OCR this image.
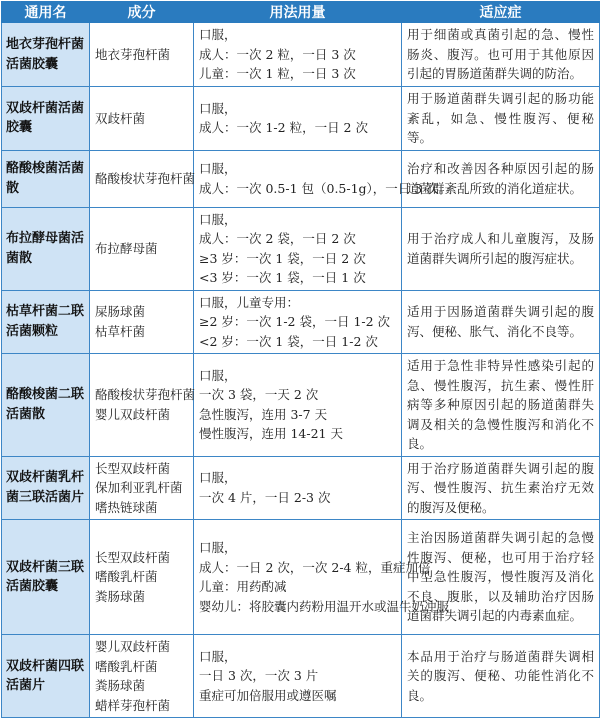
通用名	成分	用法用量	适应症
地衣芽孢杆菌活菌胶囊	地衣芽孢杆菌	口服，
成人：一次 2 粒，一日 3 次
儿童：一次 1 粒，一日 3 次	用于细菌或真菌引起的急、慢性肠炎、腹泻。也可用于其他原因引起的胃肠道菌群失调的防治。
双歧杆菌活菌胶囊	双歧杆菌	口服，
成人：一次 1-2 粒，一日 2 次	用于肠道菌群失调引起的肠功能紊乱，如急、慢性腹泻、便秘等。
酪酸梭菌活菌散	酪酸梭状芽孢杆菌	口服，
成人：一次 0.5-1 包（0.5-1g），一日 3 次。	治疗和改善因各种原因引起的肠道菌群紊乱所致的消化道症状。
布拉酵母菌活菌散	布拉酵母菌	口服，
成人：一次 2 袋，一日 2 次
≥3 岁：一次 1 袋，一日 2 次
<3 岁：一次 1 袋，一日 1 次	用于治疗成人和儿童腹泻，及肠道菌群失调所引起的腹泻症状。
枯草杆菌二联活菌颗粒	屎肠球菌
枯草杆菌	口服，儿童专用：
≥2 岁：一次 1-2 袋，一日 1-2 次
<2 岁：一次 1 袋，一日 1-2 次	适用于因肠道菌群失调引起的腹泻、便秘、胀气、消化不良等。
酪酸梭菌二联活菌散	酪酸梭状芽孢杆菌
婴儿双歧杆菌	口服，
一次 3 袋，一天 2 次
急性腹泻，连用 3-7 天
慢性腹泻，连用 14-21 天	适用于急性非特异性感染引起的急、慢性腹泻，抗生素、慢性肝病等多种原因引起的肠道菌群失调及相关的急慢性腹泻和消化不良。
双歧杆菌乳杆菌三联活菌片	长型双歧杆菌
保加利亚乳杆菌
嗜热链球菌	口服，
一次 4 片，一日 2-3 次	用于治疗肠道菌群失调引起的腹泻、慢性腹泻、抗生素治疗无效的腹泻及便秘。
双歧杆菌三联活菌胶囊	长型双歧杆菌
嗜酸乳杆菌
粪肠球菌	口服，
成人：一日 2 次，一次 2-4 粒，重症加倍
儿童：用药酌减
婴幼儿：将胶囊内药粉用温开水或温牛奶冲服	主治因肠道菌群失调引起的急慢性腹泻、便秘，也可用于治疗轻中型急性腹泻，慢性腹泻及消化不良、腹胀，以及辅助治疗因肠道菌群失调引起的内毒素血症。
双歧杆菌四联活菌片	婴儿双歧杆菌
嗜酸乳杆菌
粪肠球菌
蜡样芽孢杆菌	口服，
一日 3 次，一次 3 片
重症可加倍服用或遵医嘱	本品用于治疗与肠道菌群失调相关的腹泻、便秘、功能性消化不良。
